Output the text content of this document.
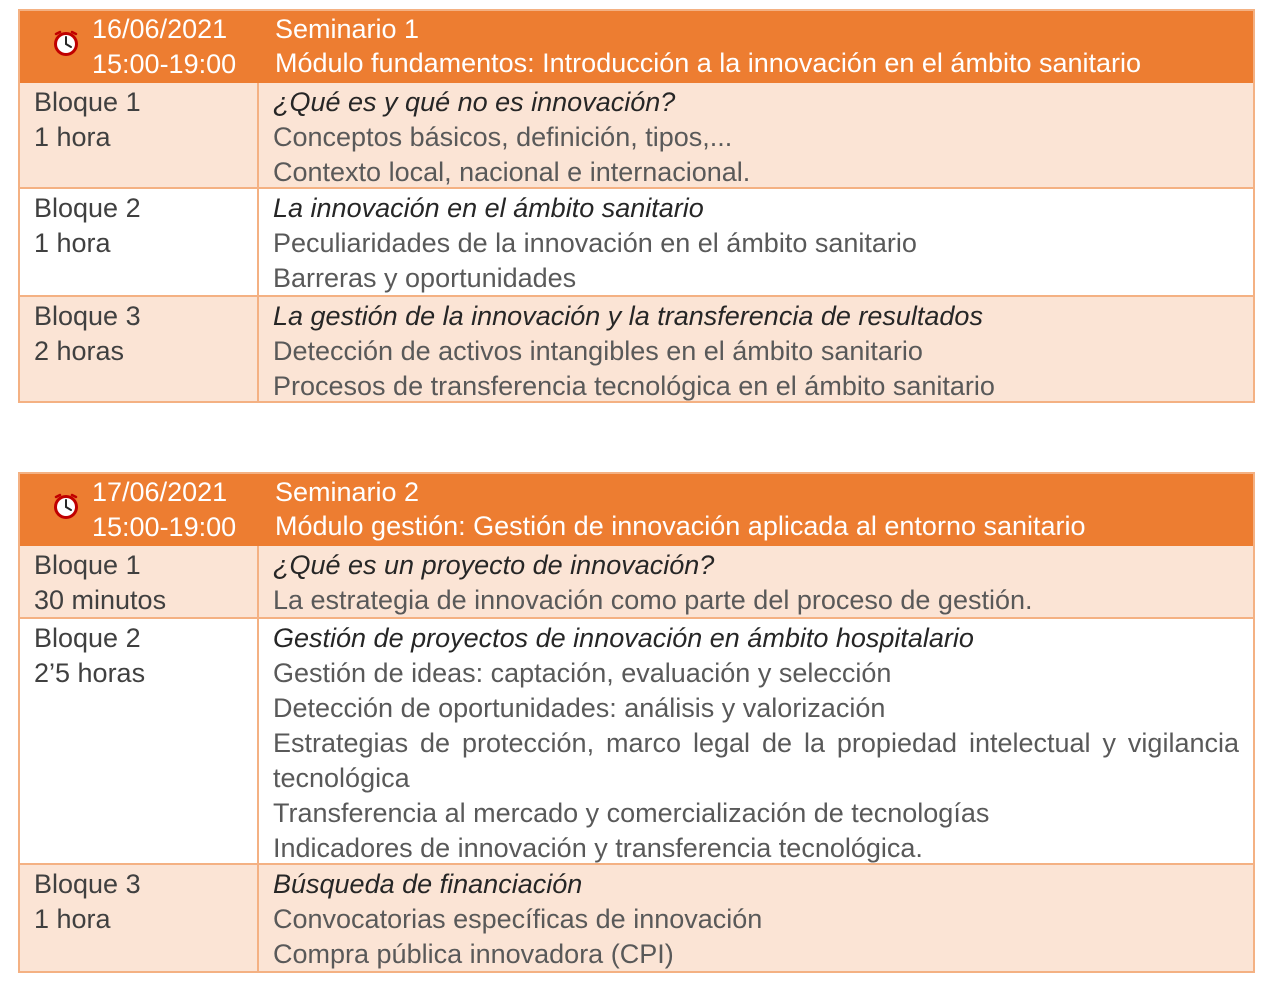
16/06/2021
15:00-19:00
Seminario 1
Módulo fundamentos: Introducción a la innovación en el ámbito sanitario
Bloque 1
1 hora
¿Qué es y qué no es innovación?
Conceptos básicos, definición, tipos,...
Contexto local, nacional e internacional.
Bloque 2
1 hora
La innovación en el ámbito sanitario
Peculiaridades de la innovación en el ámbito sanitario
Barreras y oportunidades
Bloque 3
2 horas
La gestión de la innovación y la transferencia de resultados
Detección de activos intangibles en el ámbito sanitario
Procesos de transferencia tecnológica en el ámbito sanitario
17/06/2021
15:00-19:00
Seminario 2
Módulo gestión: Gestión de innovación aplicada al entorno sanitario
Bloque 1
30 minutos
¿Qué es un proyecto de innovación?
La estrategia de innovación como parte del proceso de gestión.
Bloque 2
2’5 horas
Gestión de proyectos de innovación en ámbito hospitalario
Gestión de ideas: captación, evaluación y selección
Detección de oportunidades: análisis y valorización
Estrategias de protección, marco legal de la propiedad intelectual y vigilancia tecnológica
Transferencia al mercado y comercialización de tecnologías
Indicadores de innovación y transferencia tecnológica.
Bloque 3
1 hora
Búsqueda de financiación
Convocatorias específicas de innovación
Compra pública innovadora (CPI)
